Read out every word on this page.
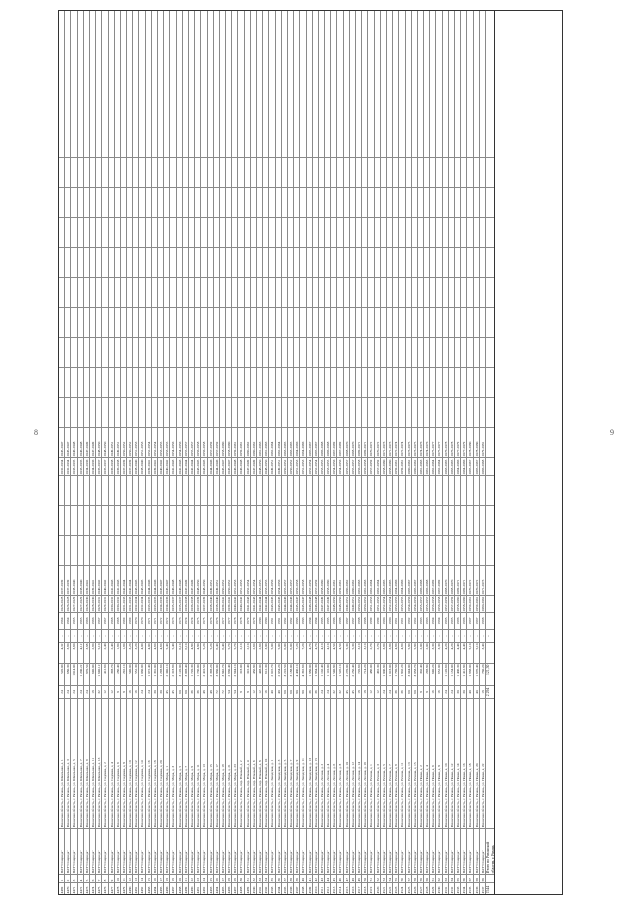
8	9
4469
1
ПАТ"Ставрида"
Рязанская область, г. Рязань, ул. Школьная, д. 1
24
520.00
4,32
–
1964
2026-2028
2037-2039
2032-2034
2045-2047
4470
2
ПАТ"Ставрида"
Рязанская область, г. Рязань, ул. Школьная, д. 3
24
680.30
3,90
–
1964
2026-2028
2037-2039
2032-2034
2045-2047
4471
3
ПАТ"Ставрида"
Рязанская область, г. Рязань, ул. Школьная, д. 5
24
1014.00
3,60
–
1965
2027-2029
2038-2040
2033-2035
2046-2048
4472
4
ПАТ"Ставрида"
Рязанская область, г. Рязань, ул. Школьная, д. 7
24
1 200.22
4,12
–
1965
2027-2029
2038-2040
2033-2035
2046-2048
4473
5
ПАТ"Ставрида"
Рязанская область, г. Рязань, ул. Школьная, д. 9
24
870.50
3,88
–
1966
2028-2030
2039-2041
2034-2036
2047-2049
4474
6
ПАТ"Ставрида"
Рязанская область, г. Рязань, ул. Школьная, д. 11
18
640.00
2,90
–
1966
2028-2030
2039-2041
2034-2036
2047-2049
4475
7
ПАТ"Ставрида"
Рязанская область, г. Рязань, ул. Школьная, д. 13
32
1 640.12
5,10
–
1967
2029-2031
2040-2042
2035-2037
2048-2050
4476
8
ПАТ"Ставрида"
Рязанская область, г. Рязань, ул. Садовая, д. 2
12
412.60
2,40
–
1967
2029-2031
2040-2042
2035-2037
2048-2050
4477
9
ПАТ"Ставрида"
Рязанская область, г. Рязань, ул. Садовая, д. 4
12
398.70
2,40
–
1968
2030-2032
2041-2043
2036-2038
2049-2051
4478
10
ПАТ"Ставрида"
Рязанская область, г. Рязань, ул. Садовая, д. 6
8
286.40
1,90
–
1968
2030-2032
2041-2043
2036-2038
2049-2051
4479
11
ПАТ"Ставрида"
Рязанская область, г. Рязань, ул. Садовая, д. 8
8
292.10
1,90
–
1969
2031-2033
2042-2044
2037-2039
2050-2052
4480
12
ПАТ"Ставрида"
Рязанская область, г. Рязань, ул. Садовая, д. 10
16
540.00
3,20
–
1969
2031-2033
2042-2044
2037-2039
2050-2052
4481
13
ПАТ"Ставрида"
Рязанская область, г. Рязань, ул. Садовая, д. 12
16
552.30
3,20
–
1970
2032-2034
2043-2045
2038-2040
2051-2053
4482
14
ПАТ"Ставрида"
Рязанская область, г. Рязань, ул. Садовая, д. 14
24
1 060.00
4,00
–
1970
2032-2034
2043-2045
2038-2040
2051-2053
4483
15
ПАТ"Ставрида"
Рязанская область, г. Рязань, ул. Садовая, д. 16
24
1 072.40
4,00
–
1971
2033-2035
2044-2046
2039-2041
2052-2054
4484
16
ПАТ"Ставрида"
Рязанская область, г. Рязань, ул. Садовая, д. 18
30
1 301.00
4,60
–
1971
2033-2035
2044-2046
2039-2041
2052-2054
4485
17
ПАТ"Ставрида"
Рязанская область, г. Рязань, ул. Садовая, д. 20
30
1 298.60
4,60
–
1972
2034-2036
2045-2047
2040-2042
2053-2055
4486
18
ПАТ"Ставрида"
Рязанская область, г. Рязань, ул. Мира, д. 1
45
2 340.10
5,40
–
1972
2034-2036
2045-2047
2040-2042
2053-2055
4487
19
ПАТ"Ставрида"
Рязанская область, г. Рязань, ул. Мира, д. 3
45
2 318.90
5,40
–
1973
2035-2037
2046-2048
2041-2043
2054-2056
4488
20
ПАТ"Ставрида"
Рязанская область, г. Рязань, ул. Мира, д. 5
60
3 120.00
6,10
–
1973
2035-2037
2046-2048
2041-2043
2054-2056
4489
21
ПАТ"Ставрида"
Рязанская область, г. Рязань, ул. Мира, д. 7
60
3 098.40
6,10
–
1974
2036-2038
2047-2049
2042-2044
2055-2057
4490
22
ПАТ"Ставрида"
Рязанская область, г. Рязань, ул. Мира, д. 9
36
1 720.30
4,80
–
1974
2036-2038
2047-2049
2042-2044
2055-2057
4491
23
ПАТ"Ставрида"
Рязанская область, г. Рязань, ул. Мира, д. 11
36
1 736.00
4,80
–
1975
2037-2039
2048-2050
2043-2045
2056-2058
4492
24
ПАТ"Ставрида"
Рязанская область, г. Рязань, ул. Мира, д. 13
48
2 410.50
5,20
–
1975
2037-2039
2048-2050
2043-2045
2056-2058
4493
25
ПАТ"Ставрида"
Рязанская область, г. Рязань, ул. Мира, д. 15
48
2 398.20
5,20
–
1976
2038-2040
2049-2051
2044-2046
2057-2059
4494
26
ПАТ"Ставрида"
Рязанская область, г. Рязань, ул. Мира, д. 17
72
3 860.00
6,40
–
1976
2038-2040
2049-2051
2044-2046
2057-2059
4495
27
ПАТ"Ставрида"
Рязанская область, г. Рязань, ул. Мира, д. 19
72
3 842.70
6,40
–
1977
2039-2041
2050-2052
2045-2047
2058-2060
4496
28
ПАТ"Ставрида"
Рязанская область, г. Рязань, ул. Мира, д. 21
54
2 960.40
5,70
–
1977
2039-2041
2050-2052
2045-2047
2058-2060
4497
29
ПАТ"Ставрида"
Рязанская область, г. Рязань, ул. Мира, д. 23
54
2 944.10
5,70
–
1978
2040-2042
2051-2053
2046-2048
2059-2061
4498
30
ПАТ"Ставрида"
Рязанская область, г. Рязань, пер. Южный, д. 2
8
318.00
2,10
–
1978
2040-2042
2051-2053
2046-2048
2059-2061
4499
31
ПАТ"Ставрида"
Рязанская область, г. Рязань, пер. Южный, д. 4
8
322.40
2,10
–
1979
2041-2043
2052-2054
2047-2049
2060-2062
4500
32
ПАТ"Ставрида"
Рязанская область, г. Рязань, пер. Южный, д. 6
12
456.80
2,60
–
1979
2041-2043
2052-2054
2047-2049
2060-2062
4501
33
ПАТ"Ставрида"
Рязанская область, г. Рязань, пер. Южный, д. 8
12
448.00
2,60
–
1980
2042-2044
2053-2055
2048-2050
2061-2063
4502
34
ПАТ"Ставрида"
Рязанская область, г. Рязань, пер. Южный, д. 10
16
612.30
3,00
–
1980
2042-2044
2053-2055
2048-2050
2061-2063
4503
35
ПАТ"Ставрида"
Рязанская область, г. Рязань, ул. Заводская, д. 1
40
2 016.70
5,00
–
1981
2043-2045
2054-2056
2049-2051
2062-2064
4504
36
ПАТ"Ставрида"
Рязанская область, г. Рязань, ул. Заводская, д. 3
40
2 034.20
5,00
–
1981
2043-2045
2054-2056
2049-2051
2062-2064
4505
37
ПАТ"Ставрида"
Рязанская область, г. Рязань, ул. Заводская, д. 5
60
3 210.50
6,00
–
1982
2044-2046
2055-2057
2050-2052
2063-2065
4506
38
ПАТ"Ставрида"
Рязанская область, г. Рязань, ул. Заводская, д. 7
60
3 188.00
6,00
–
1982
2044-2046
2055-2057
2050-2052
2063-2065
4507
39
ПАТ"Ставрида"
Рязанская область, г. Рязань, ул. Заводская, д. 9
80
4 406.10
7,20
–
1983
2045-2047
2056-2058
2051-2053
2064-2066
4508
40
ПАТ"Ставрида"
Рязанская область, г. Рязань, ул. Заводская, д. 11
80
4 392.60
7,20
–
1983
2045-2047
2056-2058
2051-2053
2064-2066
4509
41
ПАТ"Ставрида"
Рязанская область, г. Рязань, ул. Заводская, д. 13
36
1 880.00
4,70
–
1984
2046-2048
2057-2059
2052-2054
2065-2067
4510
42
ПАТ"Ставрида"
Рязанская область, г. Рязань, ул. Заводская, д. 15
36
1 864.30
4,70
–
1984
2046-2048
2057-2059
2052-2054
2065-2067
4511
43
ПАТ"Ставрида"
Рязанская область, г. Рязань, ул. Лесная, д. 2
24
1 102.40
4,10
–
1985
2047-2049
2058-2060
2053-2055
2066-2068
4512
44
ПАТ"Ставрида"
Рязанская область, г. Рязань, ул. Лесная, д. 4
24
1 110.00
4,10
–
1985
2047-2049
2058-2060
2053-2055
2066-2068
4513
45
ПАТ"Ставрида"
Рязанская область, г. Рязань, ул. Лесная, д. 6
32
1 540.80
4,50
–
1986
2048-2050
2059-2061
2054-2056
2067-2069
4514
46
ПАТ"Ставрида"
Рязанская область, г. Рязань, ул. Лесная, д. 8
32
1 526.10
4,50
–
1986
2048-2050
2059-2061
2054-2056
2067-2069
4515
47
ПАТ"Ставрида"
Рязанская область, г. Рязань, ул. Лесная, д. 10
45
2 270.00
5,30
–
1987
2049-2051
2060-2062
2055-2057
2068-2070
4516
48
ПАТ"Ставрида"
Рязанская область, г. Рязань, ул. Лесная, д. 12
45
2 256.40
5,30
–
1987
2049-2051
2060-2062
2055-2057
2068-2070
4517
49
ПАТ"Ставрида"
Рязанская область, г. Рязань, ул. Лесная, д. 14
18
720.60
3,10
–
1988
2050-2052
2061-2063
2056-2058
2069-2071
4518
50
ПАТ"Ставрида"
Рязанская область, г. Рязань, ул. Лесная, д. 16
18
714.20
3,10
–
1988
2050-2052
2061-2063
2056-2058
2069-2071
4519
51
ПАТ"Ставрида"
Рязанская область, г. Рязань, ул. Речная, д. 1
12
486.00
2,70
–
1989
2051-2053
2062-2064
2057-2059
2070-2072
4520
52
ПАТ"Ставрида"
Рязанская область, г. Рязань, ул. Речная, д. 3
12
492.30
2,70
–
1989
2051-2053
2062-2064
2057-2059
2070-2072
4521
53
ПАТ"Ставрида"
Рязанская область, г. Рязань, ул. Речная, д. 5
24
1 006.80
3,90
–
1990
2052-2054
2063-2065
2058-2060
2071-2073
4522
54
ПАТ"Ставрида"
Рязанская область, г. Рязань, ул. Речная, д. 7
24
1 018.00
3,90
–
1990
2052-2054
2063-2065
2058-2060
2071-2073
4523
55
ПАТ"Ставрида"
Рязанская область, г. Рязань, ул. Речная, д. 9
36
1 790.50
4,90
–
1991
2053-2055
2064-2066
2059-2061
2072-2074
4524
56
ПАТ"Ставрида"
Рязанская область, г. Рязань, ул. Речная, д. 11
36
1 802.20
4,90
–
1991
2053-2055
2064-2066
2059-2061
2072-2074
4525
57
ПАТ"Ставрида"
Рязанская область, г. Рязань, ул. Речная, д. 13
60
3 044.00
5,80
–
1992
2054-2056
2065-2067
2060-2062
2073-2075
4526
58
ПАТ"Ставрида"
Рязанская область, г. Рязань, ул. Речная, д. 15
60
3 058.70
5,80
–
1992
2054-2056
2065-2067
2060-2062
2073-2075
4527
59
ПАТ"Ставрида"
Рязанская область, г. Рязань, ул. Новая, д. 2
8
302.40
2,00
–
1993
2055-2057
2066-2068
2061-2063
2074-2076
4528
60
ПАТ"Ставрида"
Рязанская область, г. Рязань, ул. Новая, д. 4
8
298.80
2,00
–
1993
2055-2057
2066-2068
2061-2063
2074-2076
4529
61
ПАТ"Ставрида"
Рязанская область, г. Рязань, ул. Новая, д. 6
16
640.20
3,30
–
1994
2056-2058
2067-2069
2062-2064
2075-2077
4530
62
ПАТ"Ставрида"
Рязанская область, г. Рязань, ул. Новая, д. 8
16
652.00
3,30
–
1994
2056-2058
2067-2069
2062-2064
2075-2077
4531
63
ПАТ"Ставрида"
Рязанская область, г. Рязань, ул. Новая, д. 10
24
1 120.60
4,20
–
1995
2057-2059
2068-2070
2063-2065
2076-2078
4532
64
ПАТ"Ставрида"
Рязанская область, г. Рязань, ул. Новая, д. 12
24
1 134.00
4,20
–
1995
2057-2059
2068-2070
2063-2065
2076-2078
4533
65
ПАТ"Ставрида"
Рязанская область, г. Рязань, ул. Новая, д. 14
30
1 406.30
4,40
–
1996
2058-2060
2069-2071
2064-2066
2077-2079
4534
66
ПАТ"Ставрида"
Рязанская область, г. Рязань, ул. Новая, д. 16
30
1 412.80
4,40
–
1996
2058-2060
2069-2071
2064-2066
2077-2079
4535
67
ПАТ"Ставрида"
Рязанская область, г. Рязань, ул. Новая, д. 18
40
1 968.00
5,10
–
1997
2059-2061
2070-2072
2065-2067
2078-2080
4536
68
ПАТ"Ставрида"
Рязанская область, г. Рязань, ул. Новая, д. 20
40
1 976.40
5,10
–
1997
2059-2061
2070-2072
2065-2067
2078-2080
4537
69
ПАТ"Ставрида"
Рязанская область, г. Рязань, ул. Новая, д. 22
18
760.20
3,40
–
1998
2060-2062
2071-2073
2066-2068
2079-2081
1544
Итого по Рязанской области, г. Рязань
2 294
121,30
–
